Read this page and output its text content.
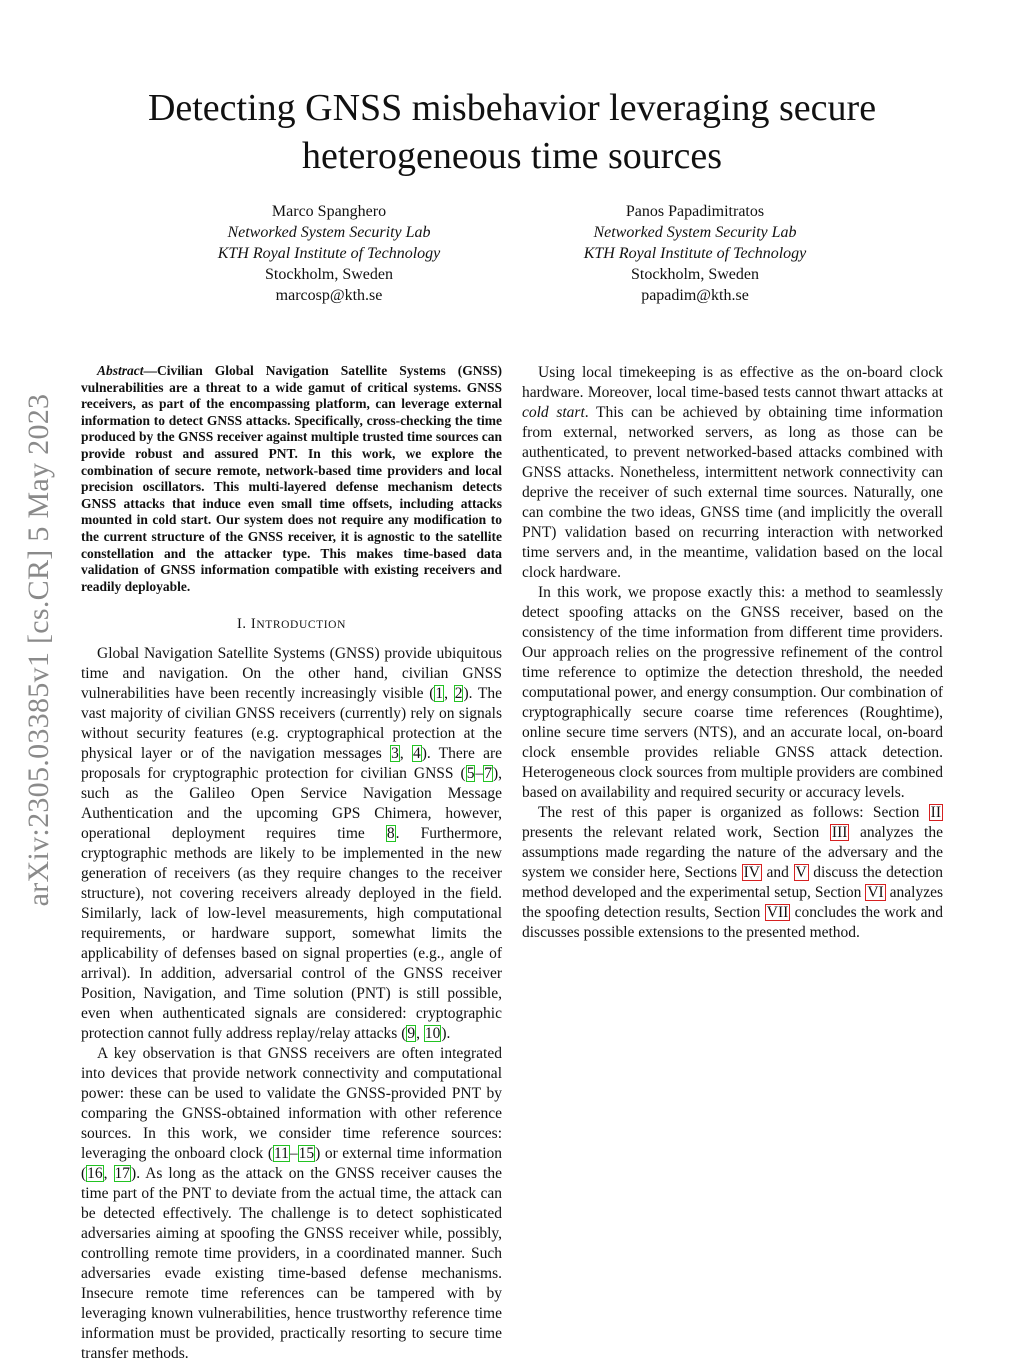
arXiv:2305.03385v1 [cs.CR] 5 May 2023
Detecting GNSS misbehavior leveraging secure heterogeneous time sources
Marco Spanghero
Networked System Security Lab
KTH Royal Institute of Technology
Stockholm, Sweden
marcosp@kth.se
Panos Papadimitratos
Networked System Security Lab
KTH Royal Institute of Technology
Stockholm, Sweden
papadim@kth.se

Abstract—Civilian Global Navigation Satellite Systems (GNSS) vulnerabilities are a threat to a wide gamut of critical systems. GNSS receivers, as part of the encompassing platform, can leverage external information to detect GNSS attacks. Specifically, cross-checking the time produced by the GNSS receiver against multiple trusted time sources can provide robust and assured PNT. In this work, we explore the combination of secure remote, network-based time providers and local precision oscillators. This multi-layered defense mechanism detects GNSS attacks that induce even small time offsets, including attacks mounted in cold start. Our system does not require any modification to the current structure of the GNSS receiver, it is agnostic to the satellite constellation and the attacker type. This makes time-based data validation of GNSS information compatible with existing receivers and readily deployable.

I. INTRODUCTION

Global Navigation Satellite Systems (GNSS) provide ubiquitous time and navigation. On the other hand, civilian GNSS vulnerabilities have been recently increasingly visible (1, 2). The vast majority of civilian GNSS receivers (currently) rely on signals without security features (e.g. cryptographical protection at the physical layer or of the navigation messages 3, 4). There are proposals for cryptographic protection for civilian GNSS (5–7), such as the Galileo Open Service Navigation Message Authentication and the upcoming GPS Chimera, however, operational deployment requires time 8. Furthermore, cryptographic methods are likely to be implemented in the new generation of receivers (as they require changes to the receiver structure), not covering receivers already deployed in the field. Similarly, lack of low-level measurements, high computational requirements, or hardware support, somewhat limits the applicability of defenses based on signal properties (e.g., angle of arrival). In addition, adversarial control of the GNSS receiver Position, Navigation, and Time solution (PNT) is still possible, even when authenticated signals are considered: cryptographic protection cannot fully address replay/relay attacks (9, 10).

A key observation is that GNSS receivers are often integrated into devices that provide network connectivity and computational power: these can be used to validate the GNSS-provided PNT by comparing the GNSS-obtained information with other reference sources. In this work, we consider time reference sources: leveraging the onboard clock (11–15) or external time information (16, 17). As long as the attack on the GNSS receiver causes the time part of the PNT to deviate from the actual time, the attack can be detected effectively. The challenge is to detect sophisticated adversaries aiming at spoofing the GNSS receiver while, possibly, controlling remote time providers, in a coordinated manner. Such adversaries evade existing time-based defense mechanisms. Insecure remote time references can be tampered with by leveraging known vulnerabilities, hence trustworthy reference time information must be provided, practically resorting to secure time transfer methods.

Using local timekeeping is as effective as the on-board clock hardware. Moreover, local time-based tests cannot thwart attacks at cold start. This can be achieved by obtaining time information from external, networked servers, as long as those can be authenticated, to prevent networked-based attacks combined with GNSS attacks. Nonetheless, intermittent network connectivity can deprive the receiver of such external time sources. Naturally, one can combine the two ideas, GNSS time (and implicitly the overall PNT) validation based on recurring interaction with networked time servers and, in the meantime, validation based on the local clock hardware.

In this work, we propose exactly this: a method to seamlessly detect spoofing attacks on the GNSS receiver, based on the consistency of the time information from different time providers. Our approach relies on the progressive refinement of the control time reference to optimize the detection threshold, the needed computational power, and energy consumption. Our combination of cryptographically secure coarse time references (Roughtime), online secure time servers (NTS), and an accurate local, on-board clock ensemble provides reliable GNSS attack detection. Heterogeneous clock sources from multiple providers are combined based on availability and required security or accuracy levels.

The rest of this paper is organized as follows: Section II presents the relevant related work, Section III analyzes the assumptions made regarding the nature of the adversary and the system we consider here, Sections IV and V discuss the detection method developed and the experimental setup, Section VI analyzes the spoofing detection results, Section VII concludes the work and discusses possible extensions to the presented method.
